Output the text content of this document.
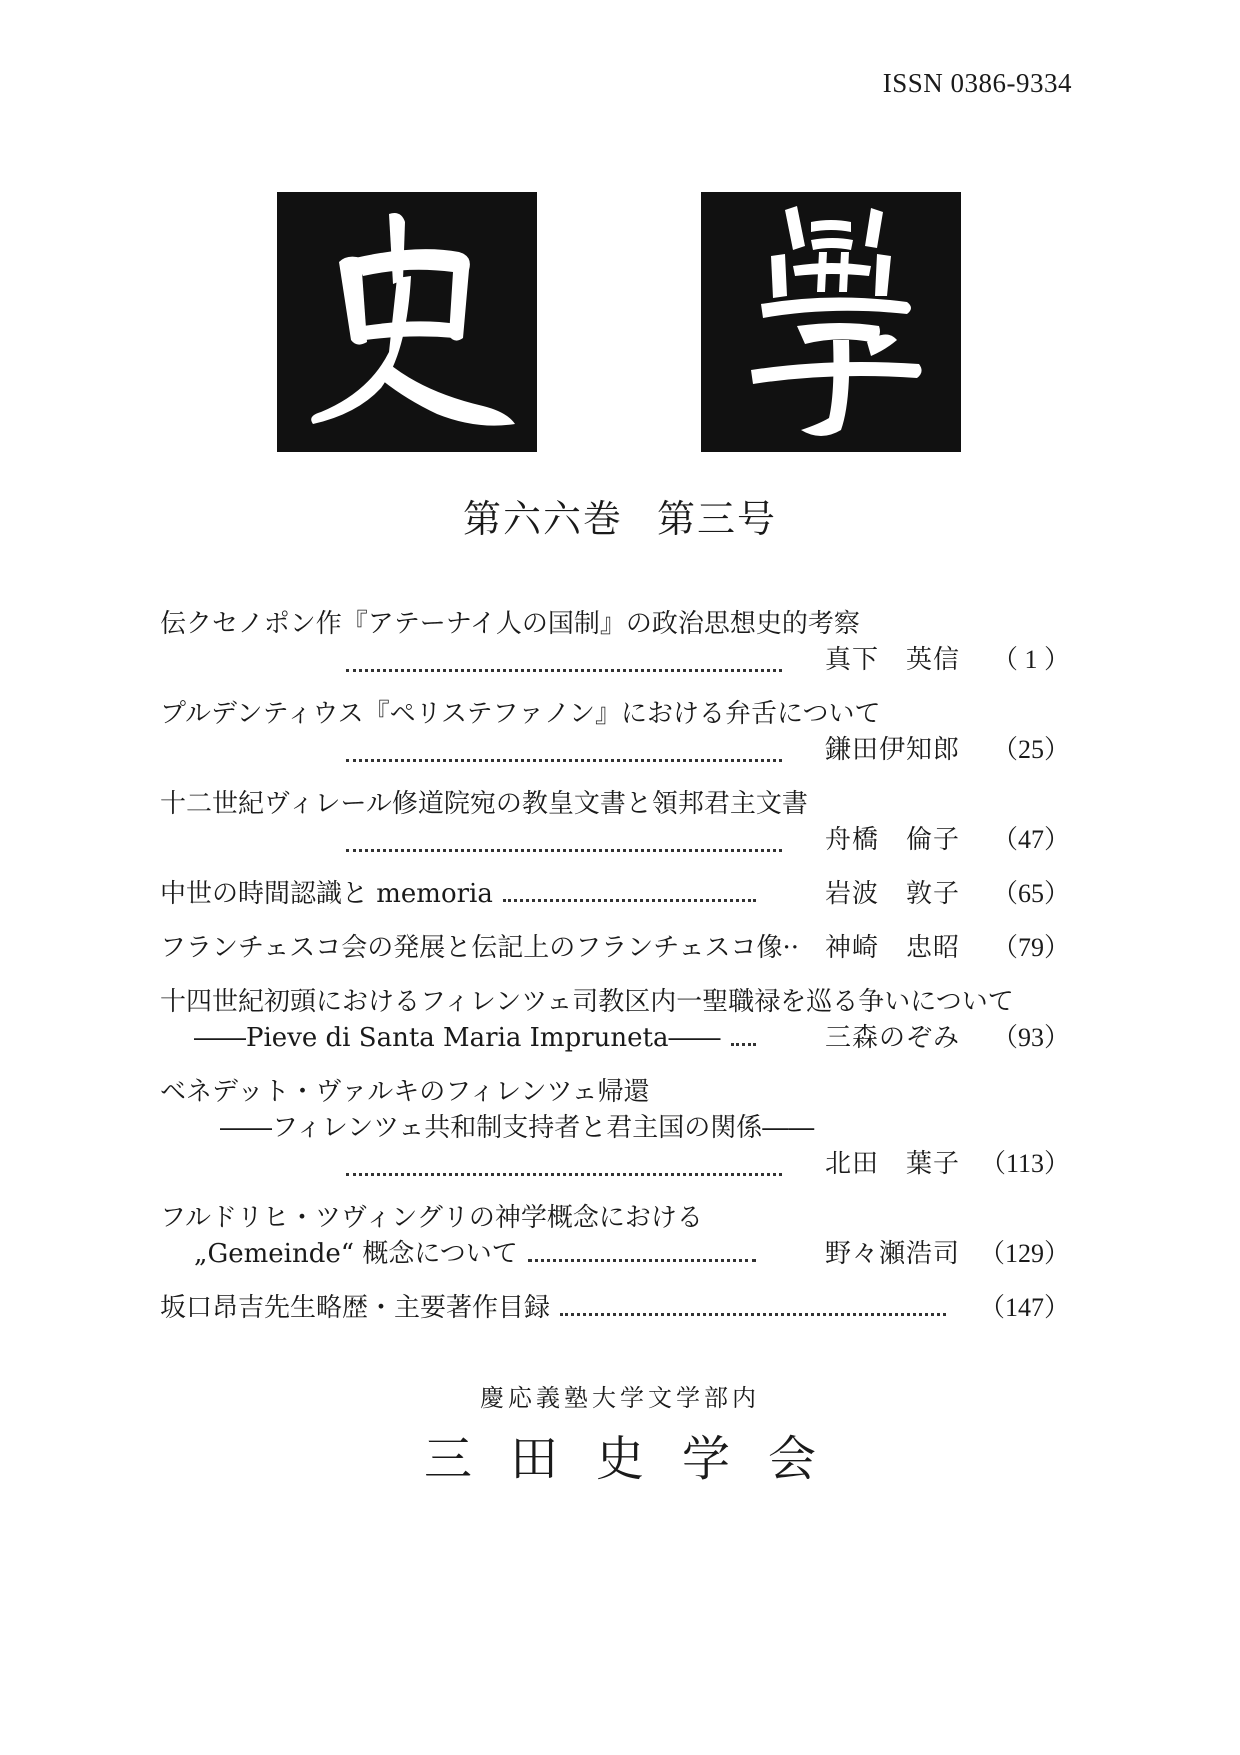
ISSN 0386-9334
第六六巻 第三号
伝クセノポン作『アテーナイ人の国制』の政治思想史的考察
真下　英信	（ 1 ）
プルデンティウス『ペリステファノン』における弁舌について
鎌田伊知郎	（25）
十二世紀ヴィレール修道院宛の教皇文書と領邦君主文書
舟橋　倫子	（47）
中世の時間認識と memoria	岩波　敦子	（65）
フランチェスコ会の発展と伝記上のフランチェスコ像·· 神崎　忠昭	（79）
十四世紀初頭におけるフィレンツェ司教区内一聖職禄を巡る争いについて
――Pieve di Santa Maria Impruneta――	三森のぞみ	（93）
ベネデット・ヴァルキのフィレンツェ帰還
――フィレンツェ共和制支持者と君主国の関係――
北田　葉子 （113）
フルドリヒ・ツヴィングリの神学概念における
„Gemeinde“ 概念について	野々瀬浩司 （129）
坂口昂吉先生略歴・主要著作目録	（147）
慶応義塾大学文学部内
三田史学会
